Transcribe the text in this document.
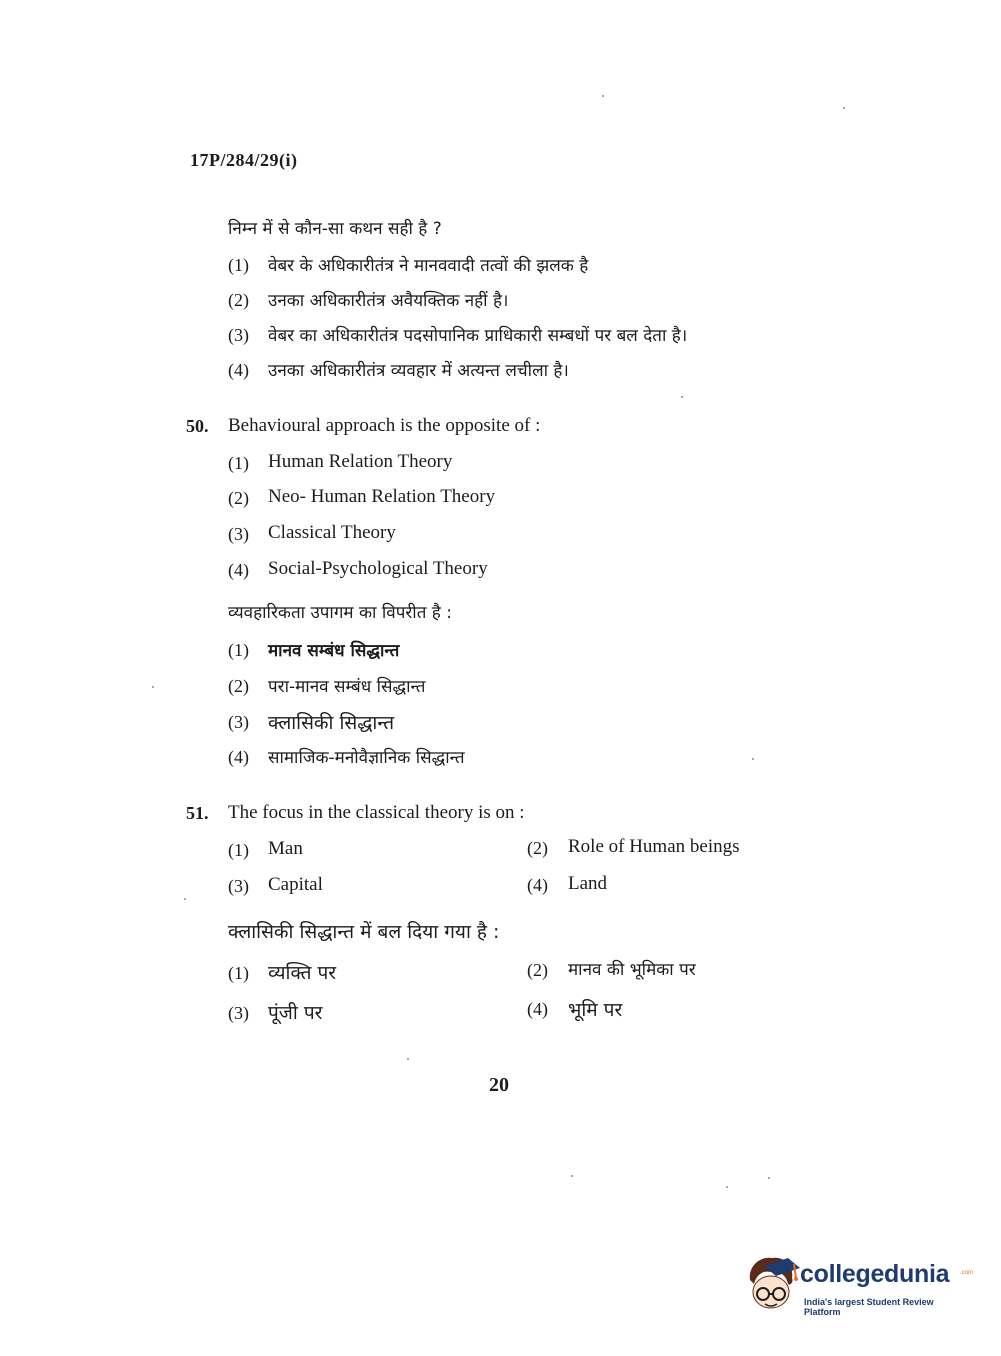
17P/284/29(i)
निम्न में से कौन-सा कथन सही है ?
(1) वेबर के अधिकारीतंत्र ने मानववादी तत्वों की झलक है
(2) उनका अधिकारीतंत्र अवैयक्तिक नहीं है।
(3) वेबर का अधिकारीतंत्र पदसोपानिक प्राधिकारी सम्बधों पर बल देता है।
(4) उनका अधिकारीतंत्र व्यवहार में अत्यन्त लचीला है।
50. Behavioural approach is the opposite of :
(1) Human Relation Theory
(2) Neo- Human Relation Theory
(3) Classical Theory
(4) Social-Psychological Theory
व्यवहारिकता उपागम का विपरीत है :
(1) मानव सम्बंध सिद्धान्त
(2) परा-मानव सम्बंध सिद्धान्त
(3) क्लासिकी सिद्धान्त
(4) सामाजिक-मनोवैज्ञानिक सिद्धान्त
51. The focus in the classical theory is on :
(1) Man	(2) Role of Human beings
(3) Capital	(4) Land
क्लासिकी सिद्धान्त में बल दिया गया है :
(1) व्यक्ति पर	(2) मानव की भूमिका पर
(3) पूंजी पर	(4) भूमि पर
20
collegedunia .com
India's largest Student Review Platform
